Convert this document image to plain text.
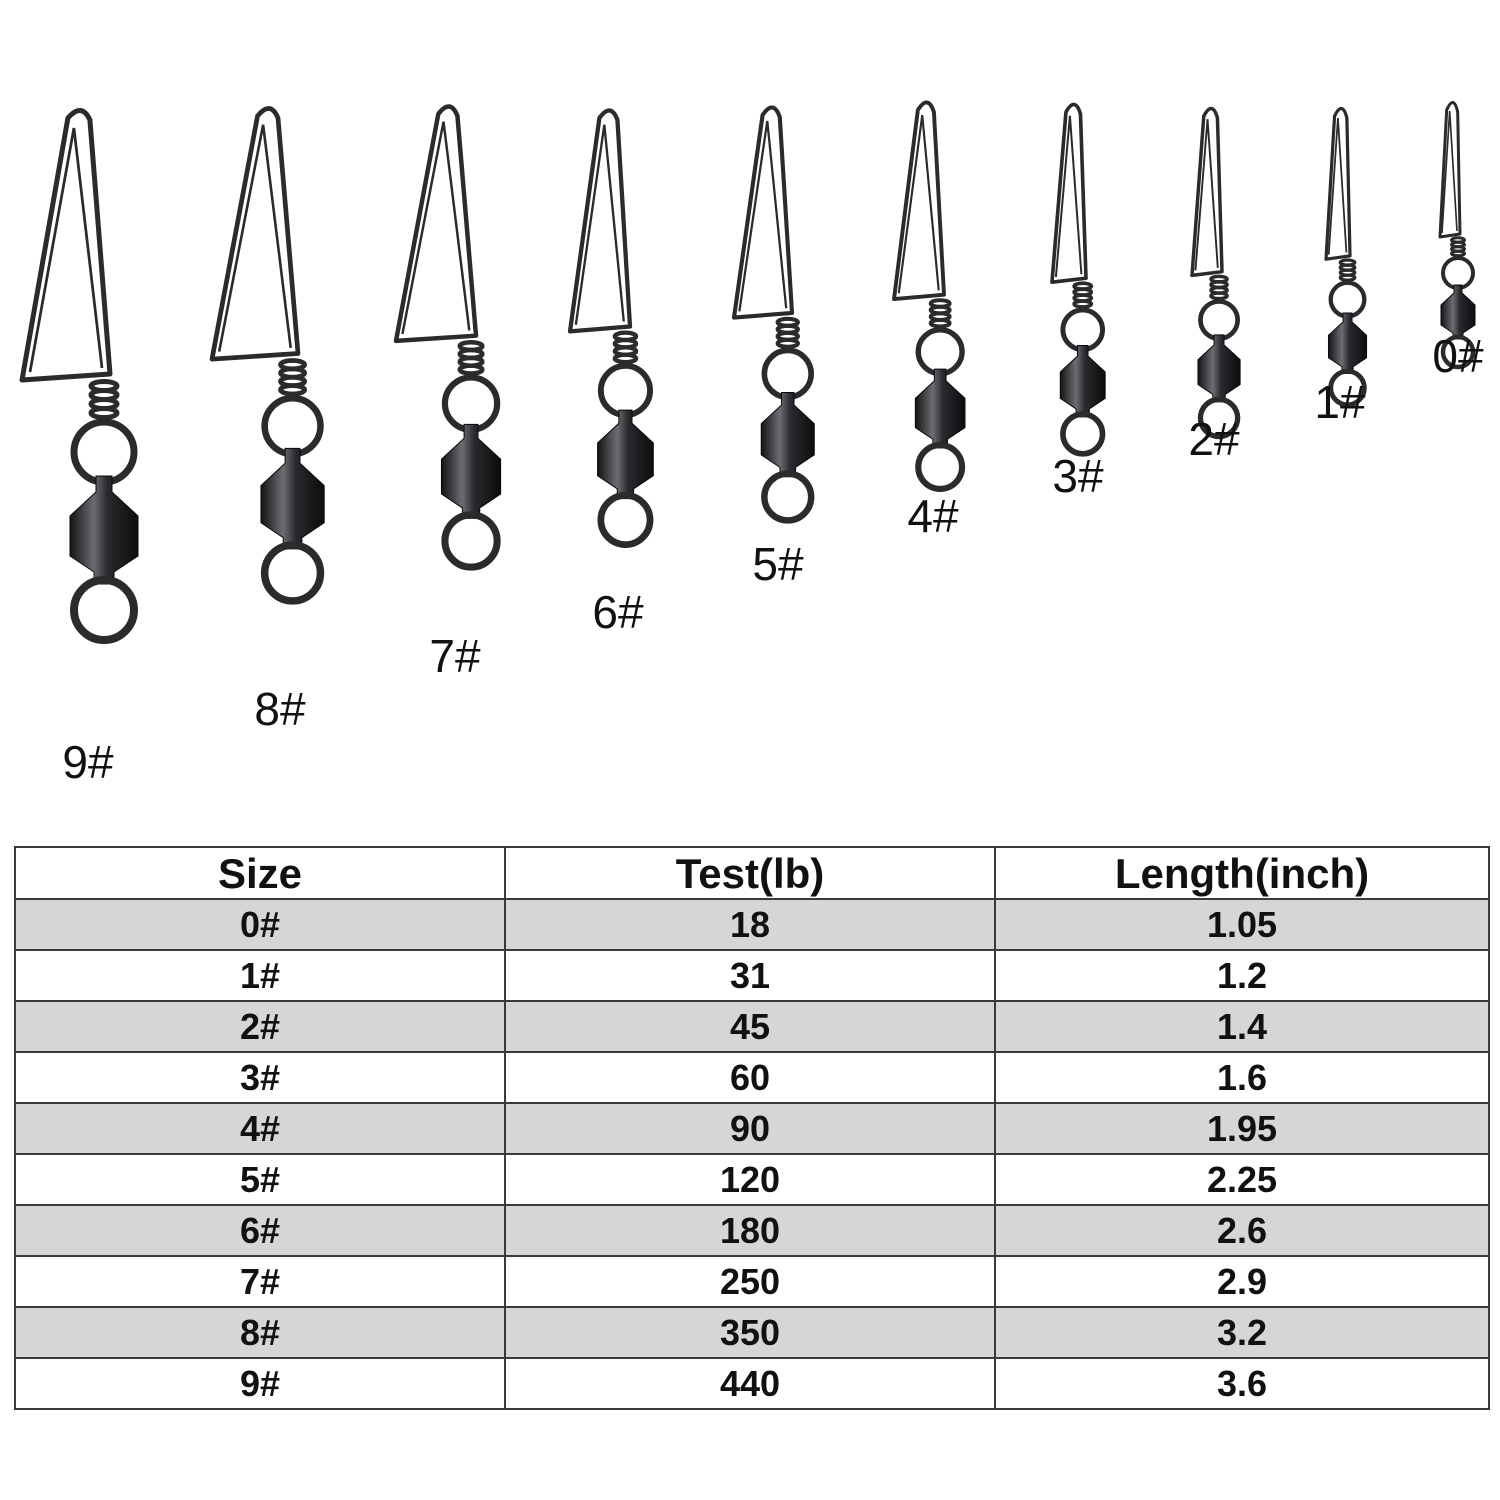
9#
8#
7#
6#
5#
4#
3#
2#
1#
0#
Size	Test(lb)	Length(inch)
0#	18	1.05
1#	31	1.2
2#	45	1.4
3#	60	1.6
4#	90	1.95
5#	120	2.25
6#	180	2.6
7#	250	2.9
8#	350	3.2
9#	440	3.6
